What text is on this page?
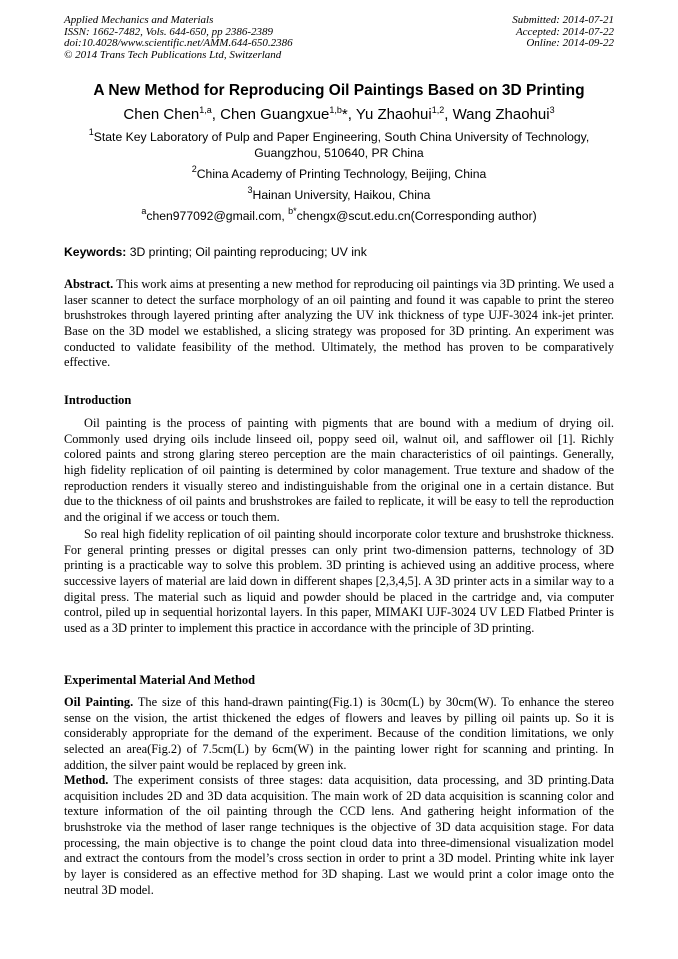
Applied Mechanics and Materials
ISSN: 1662-7482, Vols. 644-650, pp 2386-2389
doi:10.4028/www.scientific.net/AMM.644-650.2386
© 2014 Trans Tech Publications Ltd, Switzerland
Submitted: 2014-07-21
Accepted: 2014-07-22
Online: 2014-09-22
A New Method for Reproducing Oil Paintings Based on 3D Printing
Chen Chen$^{1,a}$, Chen Guangxue$^{1,b}$*, Yu Zhaohui$^{1,2}$, Wang Zhaohui$^3$
$^1$State Key Laboratory of Pulp and Paper Engineering, South China University of Technology, Guangzhou, 510640, PR China
$^2$China Academy of Printing Technology, Beijing, China
$^3$Hainan University, Haikou, China
$^a$chen977092@gmail.com, $^{b*}$chengx@scut.edu.cn(Corresponding author)
Keywords: 3D printing; Oil painting reproducing; UV ink
Abstract. This work aims at presenting a new method for reproducing oil paintings via 3D printing. We used a laser scanner to detect the surface morphology of an oil painting and found it was capable to print the stereo brushstrokes through layered printing after analyzing the UV ink thickness of type UJF-3024 ink-jet printer. Base on the 3D model we established, a slicing strategy was proposed for 3D printing. An experiment was conducted to validate feasibility of the method. Ultimately, the method has proven to be comparatively effective.
Introduction
Oil painting is the process of painting with pigments that are bound with a medium of drying oil. Commonly used drying oils include linseed oil, poppy seed oil, walnut oil, and safflower oil [1]. Richly colored paints and strong glaring stereo perception are the main characteristics of oil paintings. Generally, high fidelity replication of oil painting is determined by color management. True texture and shadow of the reproduction renders it visually stereo and indistinguishable from the original one in a certain distance. But due to the thickness of oil paints and brushstrokes are failed to replicate, it will be easy to tell the reproduction and the original if we access or touch them.
So real high fidelity replication of oil painting should incorporate color texture and brushstroke thickness. For general printing presses or digital presses can only print two-dimension patterns, technology of 3D printing is a practicable way to solve this problem. 3D printing is achieved using an additive process, where successive layers of material are laid down in different shapes [2,3,4,5]. A 3D printer acts in a similar way to a digital press. The material such as liquid and powder should be placed in the cartridge and, via computer control, piled up in sequential horizontal layers. In this paper, MIMAKI UJF-3024 UV LED Flatbed Printer is used as a 3D printer to implement this practice in accordance with the principle of 3D printing.
Experimental Material And Method
Oil Painting. The size of this hand-drawn painting(Fig.1) is 30cm(L) by 30cm(W). To enhance the stereo sense on the vision, the artist thickened the edges of flowers and leaves by pilling oil paints up. So it is considerably appropriate for the demand of the experiment. Because of the condition limitations, we only selected an area(Fig.2) of 7.5cm(L) by 6cm(W) in the painting lower right for scanning and printing. In addition, the silver paint would be replaced by green ink.
Method. The experiment consists of three stages: data acquisition, data processing, and 3D printing.Data acquisition includes 2D and 3D data acquisition. The main work of 2D data acquisition is scanning color and texture information of the oil painting through the CCD lens. And gathering height information of the brushstroke via the method of laser range techniques is the objective of 3D data acquisition stage. For data processing, the main objective is to change the point cloud data into three-dimensional visualization model and extract the contours from the model’s cross section in order to print a 3D model. Printing white ink layer by layer is considered as an effective method for 3D shaping. Last we would print a color image onto the neutral 3D model.
